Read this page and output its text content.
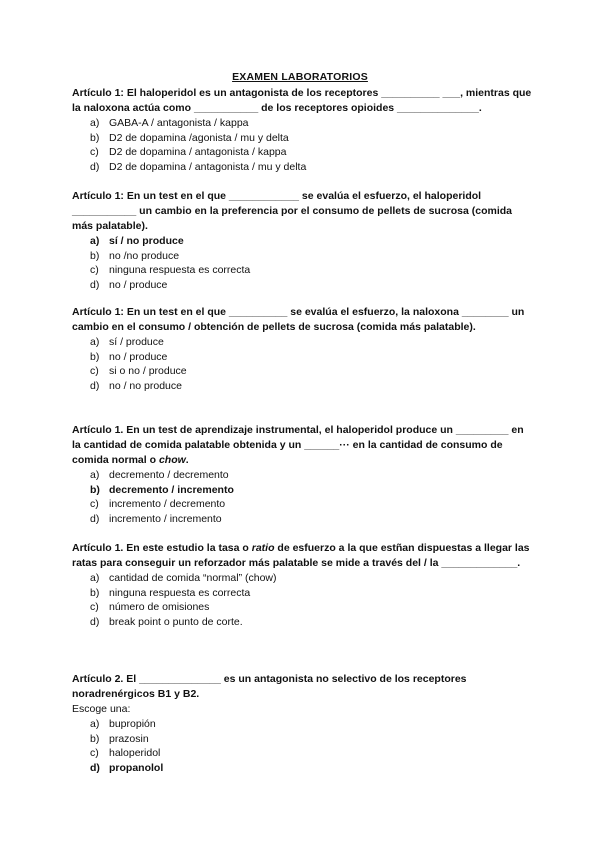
EXAMEN LABORATORIOS

Artículo 1: El haloperidol es un antagonista de los receptores __________ ___, mientras que la naloxona actúa como ___________ de los receptores opioides ______________.

a) GABA-A / antagonista / kappa
b) D2 de dopamina /agonista / mu y delta
c) D2 de dopamina / antagonista / kappa
d) D2 de dopamina / antagonista / mu y delta

Artículo 1: En un test en el que ____________ se evalúa el esfuerzo, el haloperidol ___________ un cambio en la preferencia por el consumo de pellets de sucrosa (comida más palatable).

a) sí / no produce
b) no /no produce
c) ninguna respuesta es correcta
d) no / produce

Artículo 1: En un test en el que __________ se evalúa el esfuerzo, la naloxona ________ un cambio en el consumo / obtención de pellets de sucrosa (comida más palatable).

a) sí / produce
b) no / produce
c) si o no / produce
d) no / no produce

Artículo 1. En un test de aprendizaje instrumental, el haloperidol produce un _________ en la cantidad de comida palatable obtenida y un ______··· en la cantidad de consumo de comida normal o chow.

a) decremento / decremento
b) decremento / incremento
c) incremento / decremento
d) incremento / incremento

Artículo 1. En este estudio la tasa o ratio de esfuerzo a la que estñan dispuestas a llegar las ratas para conseguir un reforzador más palatable se mide a través del / la _____________.

a) cantidad de comida “normal” (chow)
b) ninguna respuesta es correcta
c) número de omisiones
d) break point o punto de corte.

Artículo 2. El ______________ es un antagonista no selectivo de los receptores noradrenérgicos B1 y B2.

Escoge una:

a) bupropión
b) prazosin
c) haloperidol
d) propanolol
